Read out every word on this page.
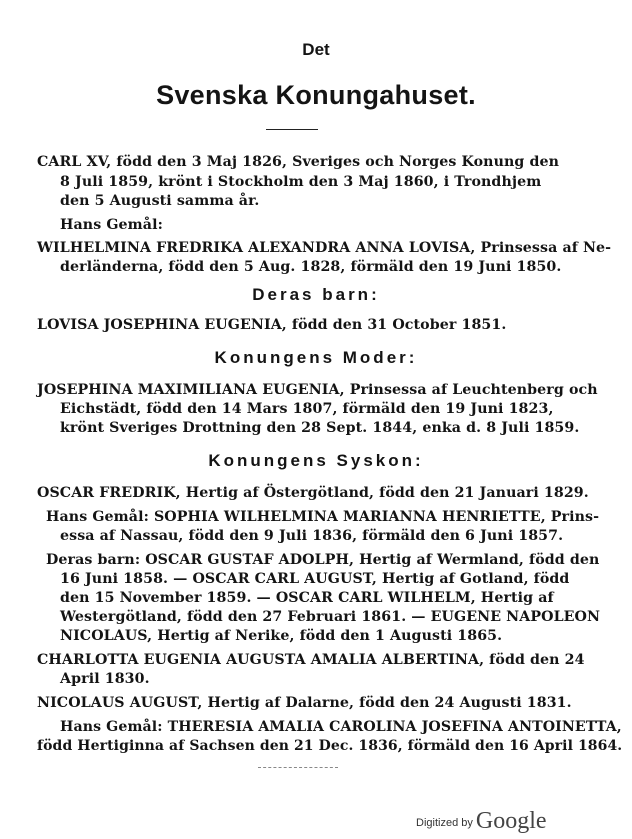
Det
Svenska Konungahuset.
CARL XV, född den 3 Maj 1826, Sveriges och Norges Konung den
8 Juli 1859, krönt i Stockholm den 3 Maj 1860, i Trondhjem
den 5 Augusti samma år.
Hans Gemål:
WILHELMINA FREDRIKA ALEXANDRA ANNA LOVISA, Prinsessa af Ne-
derländerna, född den 5 Aug. 1828, förmäld den 19 Juni 1850.
Deras barn:
LOVISA JOSEPHINA EUGENIA, född den 31 October 1851.
Konungens Moder:
JOSEPHINA MAXIMILIANA EUGENIA, Prinsessa af Leuchtenberg och
Eichstädt, född den 14 Mars 1807, förmäld den 19 Juni 1823,
krönt Sveriges Drottning den 28 Sept. 1844, enka d. 8 Juli 1859.
Konungens Syskon:
OSCAR FREDRIK, Hertig af Östergötland, född den 21 Januari 1829.
Hans Gemål: SOPHIA WILHELMINA MARIANNA HENRIETTE, Prins-
essa af Nassau, född den 9 Juli 1836, förmäld den 6 Juni 1857.
Deras barn: OSCAR GUSTAF ADOLPH, Hertig af Wermland, född den
16 Juni 1858. — OSCAR CARL AUGUST, Hertig af Gotland, född
den 15 November 1859. — OSCAR CARL WILHELM, Hertig af
Westergötland, född den 27 Februari 1861. — EUGENE NAPOLEON
NICOLAUS, Hertig af Nerike, född den 1 Augusti 1865.
CHARLOTTA EUGENIA AUGUSTA AMALIA ALBERTINA, född den 24
April 1830.
NICOLAUS AUGUST, Hertig af Dalarne, född den 24 Augusti 1831.
Hans Gemål: THERESIA AMALIA CAROLINA JOSEFINA ANTOINETTA,
född Hertiginna af Sachsen den 21 Dec. 1836, förmäld den 16 April 1864.
Digitized by Google
